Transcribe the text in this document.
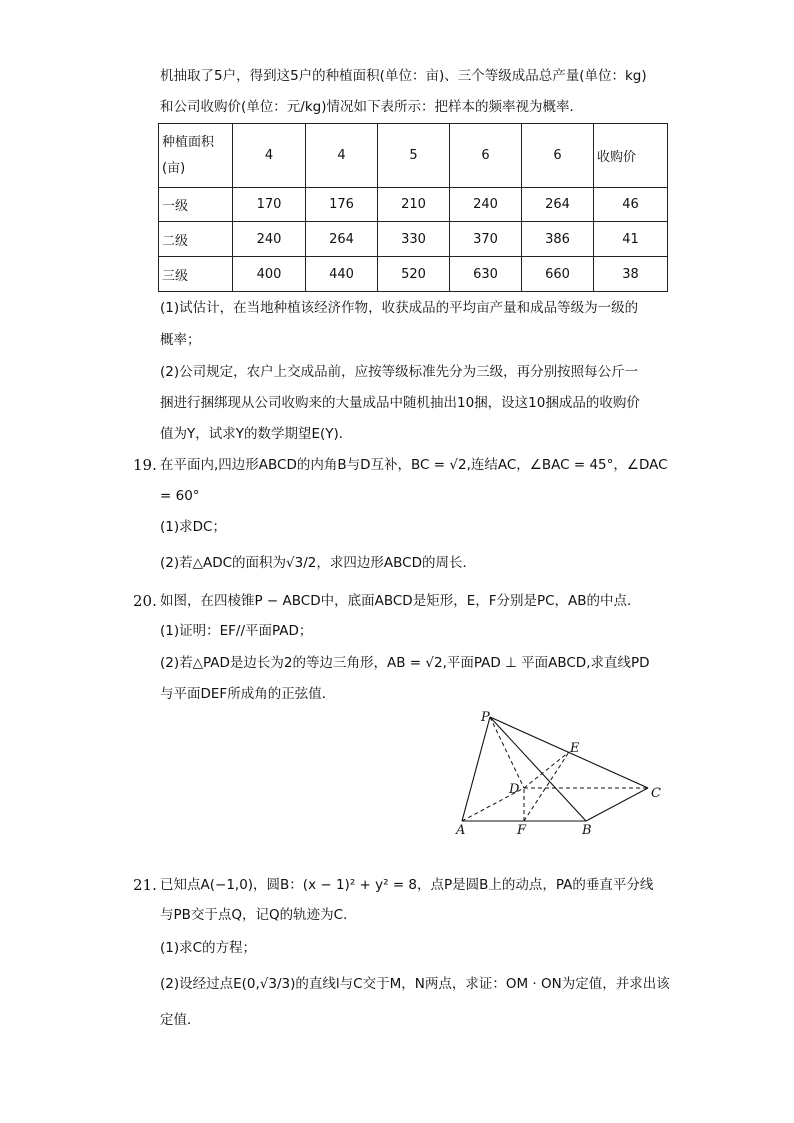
机抽取了5户，得到这5户的种植面积(单位：亩)、三个等级成品总产量(单位：kg)
和公司收购价(单位：元/kg)情况如下表所示：把样本的频率视为概率．
种植面积(亩)	4	4	5	6	6	收购价
一级	170	176	210	240	264	46
二级	240	264	330	370	386	41
三级	400	440	520	630	660	38
(1)试估计，在当地种植该经济作物，收获成品的平均亩产量和成品等级为一级的
概率；
(2)公司规定，农户上交成品前，应按等级标准先分为三级，再分别按照每公斤一
捆进行捆绑现从公司收购来的大量成品中随机抽出10捆，设这10捆成品的收购价
值为Y，试求Y的数学期望E(Y)．
19. 在平面内,四边形ABCD的内角B与D互补，BC = √2,连结AC，∠BAC = 45°，∠DAC
= 60°
(1)求DC；
(2)若△ADC的面积为√3/2，求四边形ABCD的周长．
20. 如图，在四棱锥P − ABCD中，底面ABCD是矩形，E，F分别是PC，AB的中点．
(1)证明：EF//平面PAD；
(2)若△PAD是边长为2的等边三角形，AB = √2,平面PAD ⊥ 平面ABCD,求直线PD
与平面DEF所成角的正弦值．
P
E
D	C
A	F	B
21. 已知点A(−1,0)，圆B：(x − 1)² + y² = 8，点P是圆B上的动点，PA的垂直平分线
与PB交于点Q，记Q的轨迹为C．
(1)求C的方程；
(2)设经过点E(0,√3/3)的直线l与C交于M，N两点，求证：OM · ON为定值，并求出该
定值．
